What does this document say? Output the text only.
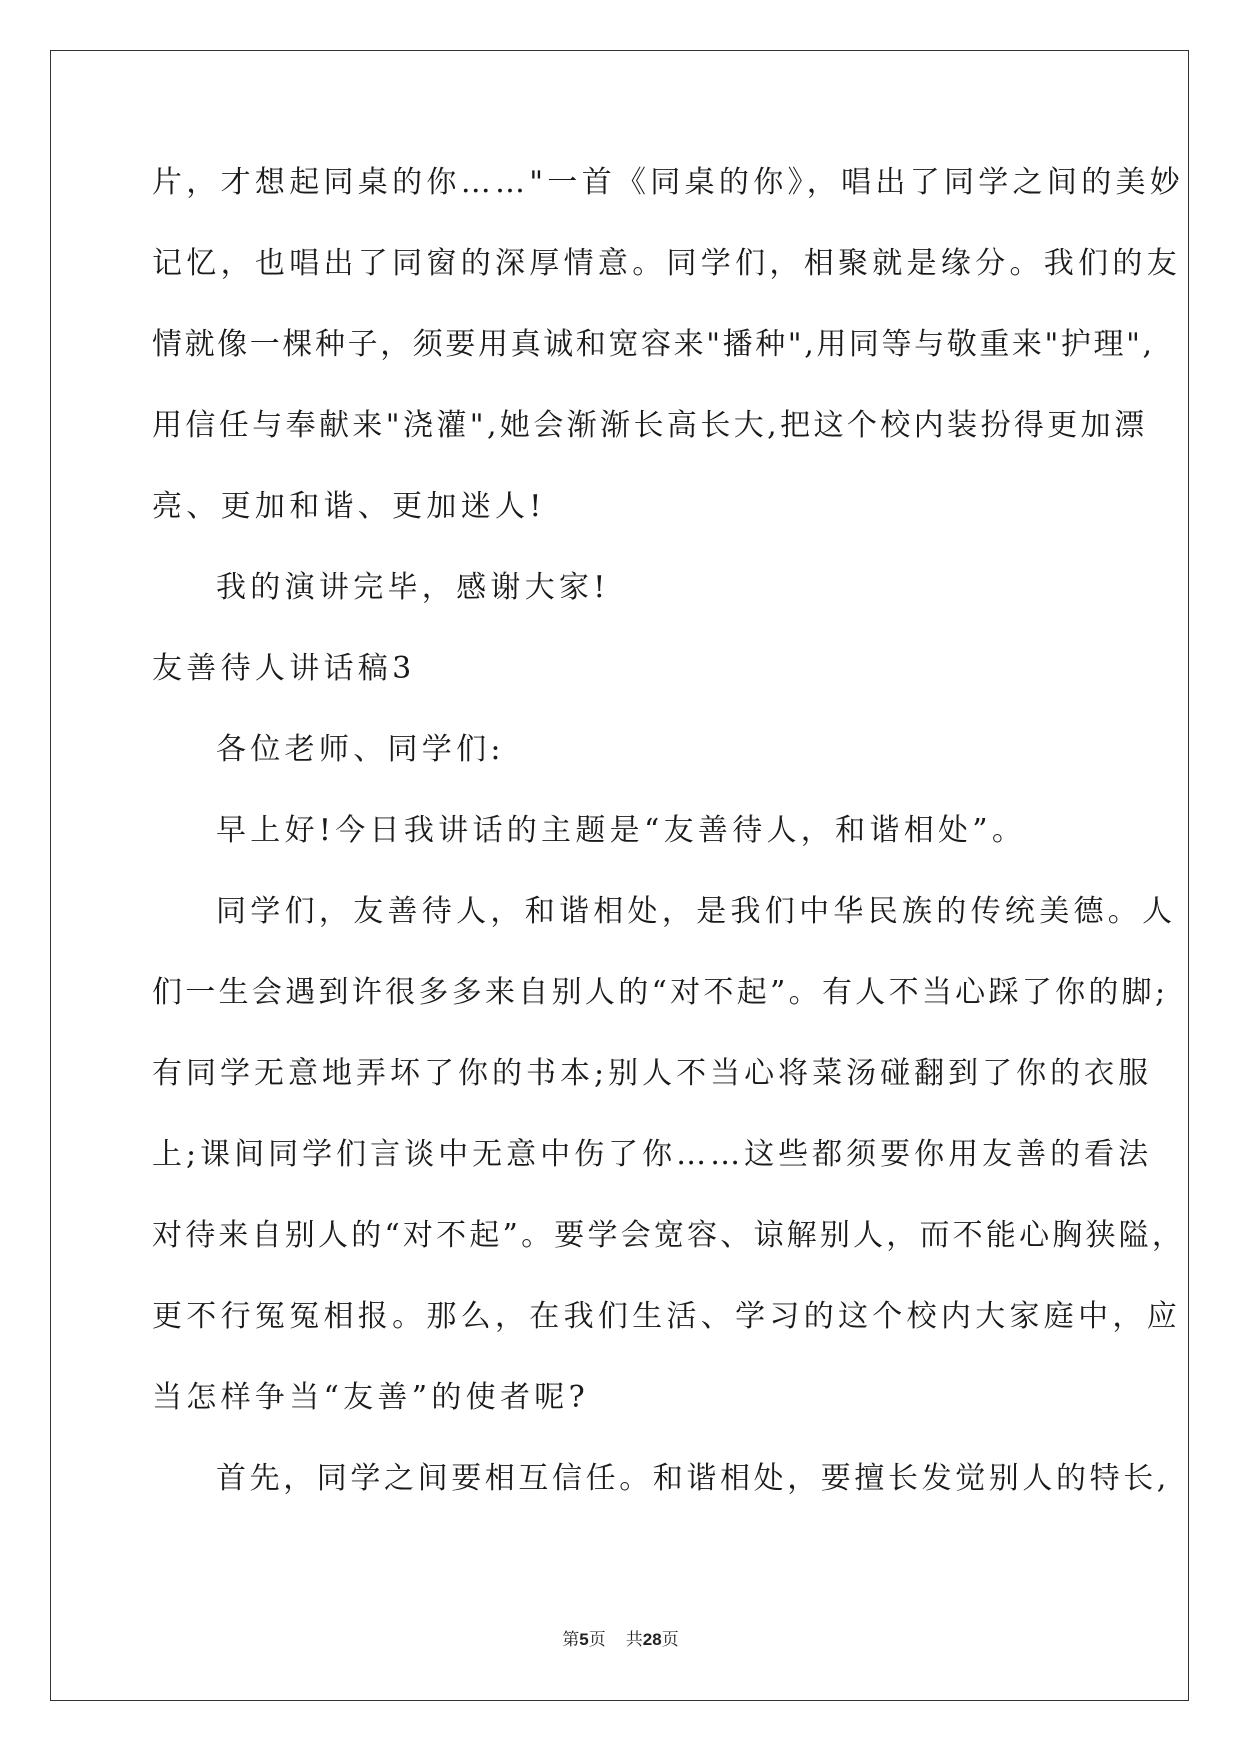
片，才想起同桌的你……"一首《同桌的你》，唱出了同学之间的美妙
记忆，也唱出了同窗的深厚情意。同学们，相聚就是缘分。我们的友
情就像一棵种子，须要用真诚和宽容来"播种",用同等与敬重来"护理",
用信任与奉献来"浇灌",她会渐渐长高长大,把这个校内装扮得更加漂
亮、更加和谐、更加迷人!
我的演讲完毕，感谢大家!
友善待人讲话稿3
各位老师、同学们:
早上好!今日我讲话的主题是“友善待人，和谐相处”。
同学们，友善待人，和谐相处，是我们中华民族的传统美德。人
们一生会遇到许很多多来自别人的“对不起”。有人不当心踩了你的脚;
有同学无意地弄坏了你的书本;别人不当心将菜汤碰翻到了你的衣服
上;课间同学们言谈中无意中伤了你……这些都须要你用友善的看法
对待来自别人的“对不起”。要学会宽容、谅解别人，而不能心胸狭隘，
更不行冤冤相报。那么，在我们生活、学习的这个校内大家庭中，应
当怎样争当“友善”的使者呢?
首先，同学之间要相互信任。和谐相处，要擅长发觉别人的特长,
第5页 共28页
